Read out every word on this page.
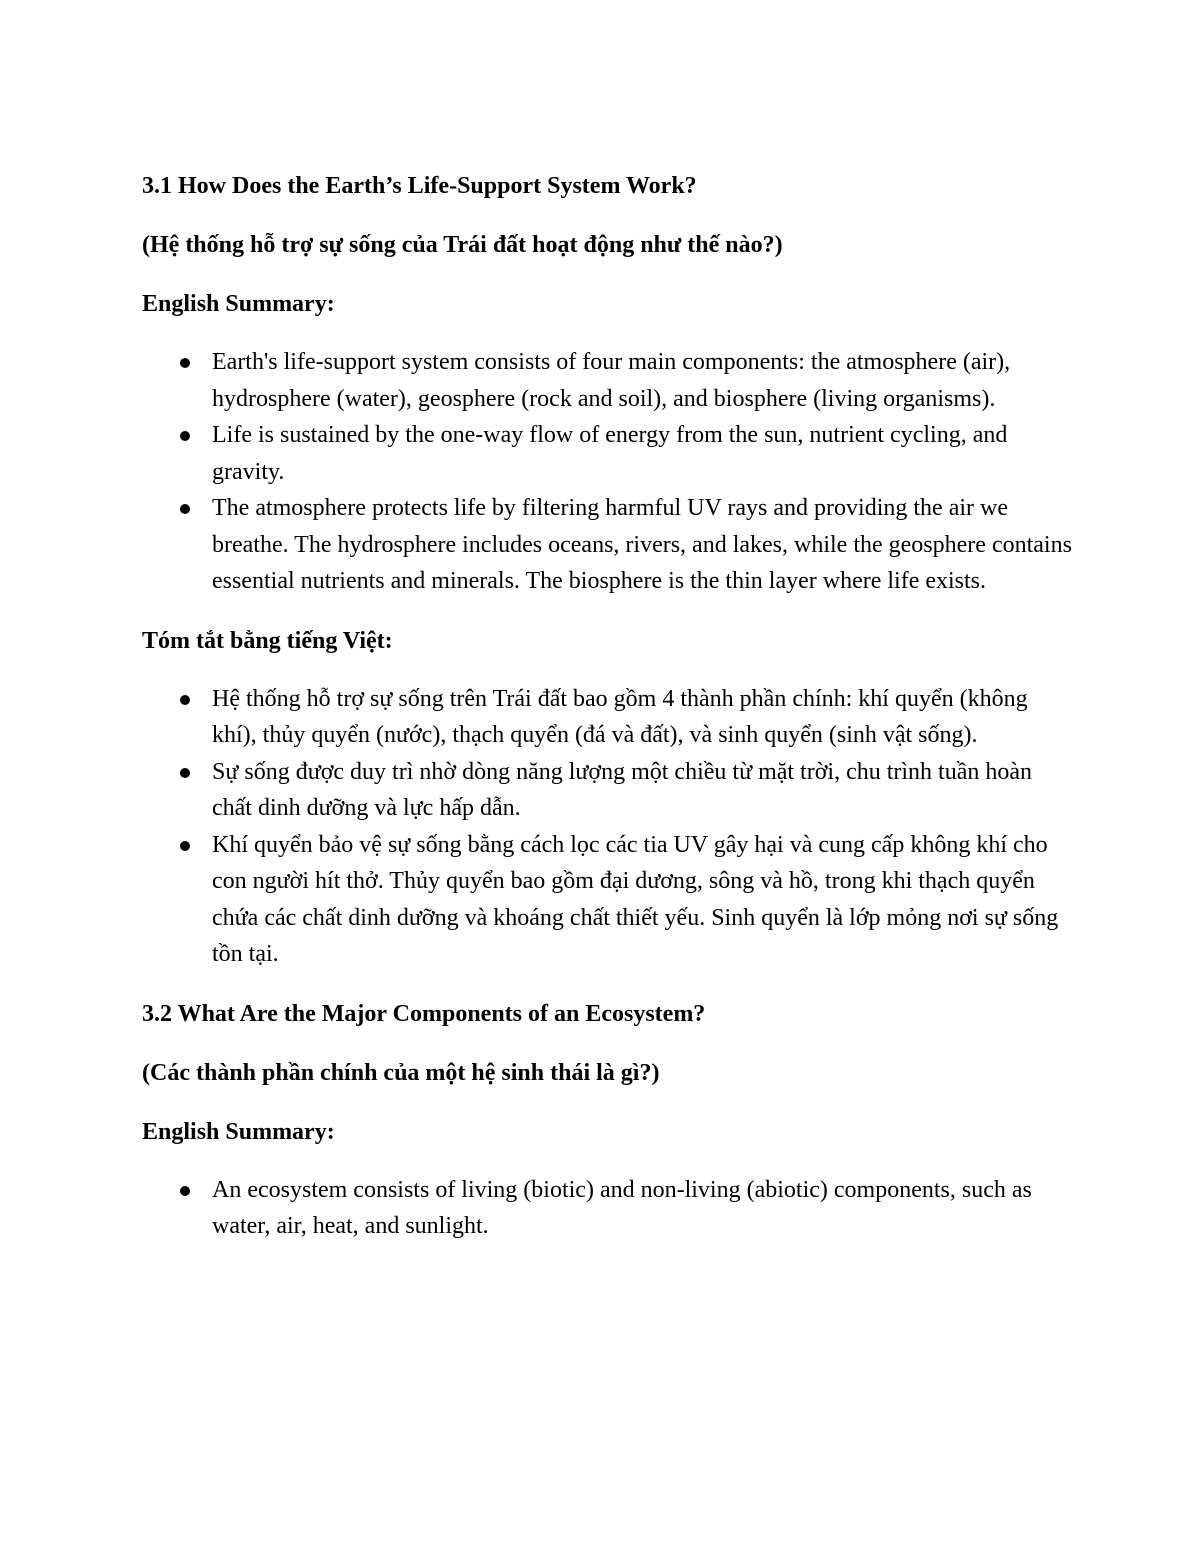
3.1 How Does the Earth’s Life-Support System Work?

(Hệ thống hỗ trợ sự sống của Trái đất hoạt động như thế nào?)

English Summary:

Earth's life-support system consists of four main components: the atmosphere (air), hydrosphere (water), geosphere (rock and soil), and biosphere (living organisms).
Life is sustained by the one-way flow of energy from the sun, nutrient cycling, and gravity.
The atmosphere protects life by filtering harmful UV rays and providing the air we breathe. The hydrosphere includes oceans, rivers, and lakes, while the geosphere contains essential nutrients and minerals. The biosphere is the thin layer where life exists.

Tóm tắt bằng tiếng Việt:

Hệ thống hỗ trợ sự sống trên Trái đất bao gồm 4 thành phần chính: khí quyển (không khí), thủy quyển (nước), thạch quyển (đá và đất), và sinh quyển (sinh vật sống).
Sự sống được duy trì nhờ dòng năng lượng một chiều từ mặt trời, chu trình tuần hoàn chất dinh dưỡng và lực hấp dẫn.
Khí quyển bảo vệ sự sống bằng cách lọc các tia UV gây hại và cung cấp không khí cho con người hít thở. Thủy quyển bao gồm đại dương, sông và hồ, trong khi thạch quyển chứa các chất dinh dưỡng và khoáng chất thiết yếu. Sinh quyển là lớp mỏng nơi sự sống tồn tại.

3.2 What Are the Major Components of an Ecosystem?

(Các thành phần chính của một hệ sinh thái là gì?)

English Summary:

An ecosystem consists of living (biotic) and non-living (abiotic) components, such as water, air, heat, and sunlight.
